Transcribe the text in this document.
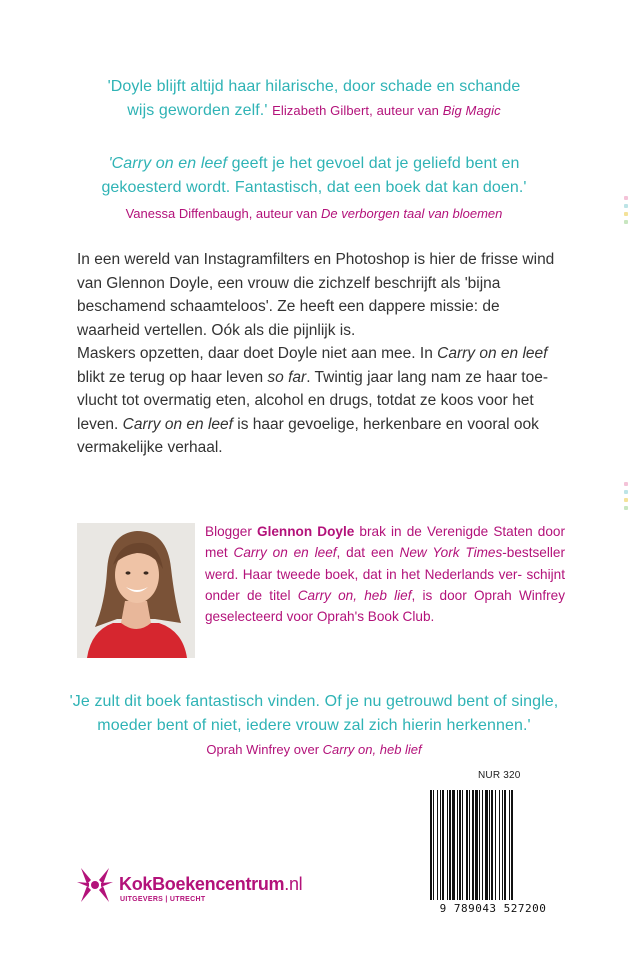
'Doyle blijft altijd haar hilarische, door schade en schande
wijs geworden zelf.' Elizabeth Gilbert, auteur van Big Magic
'Carry on en leef geeft je het gevoel dat je geliefd bent en
gekoesterd wordt. Fantastisch, dat een boek dat kan doen.'
Vanessa Diffenbaugh, auteur van De verborgen taal van bloemen
In een wereld van Instagramfilters en Photoshop is hier de frisse wind van Glennon Doyle, een vrouw die zichzelf beschrijft als 'bijna beschamend schaamteloos'. Ze heeft een dappere missie: de waarheid vertellen. Oók als die pijnlijk is.
Maskers opzetten, daar doet Doyle niet aan mee. In Carry on en leef blikt ze terug op haar leven so far. Twintig jaar lang nam ze haar toe- vlucht tot overmatig eten, alcohol en drugs, totdat ze koos voor het leven. Carry on en leef is haar gevoelige, herkenbare en vooral ook vermakelijke verhaal.
Blogger Glennon Doyle brak in de Verenigde Staten door met Carry on en leef, dat een New York Times-bestseller werd. Haar tweede boek, dat in het Nederlands ver- schijnt onder de titel Carry on, heb lief, is door Oprah Winfrey geselecteerd voor Oprah's Book Club.
'Je zult dit boek fantastisch vinden. Of je nu getrouwd bent of single,
moeder bent of niet, iedere vrouw zal zich hierin herkennen.'
Oprah Winfrey over Carry on, heb lief
NUR 320
9 789043 527200
KokBoekencentrum.nl
UITGEVERS | UTRECHT
